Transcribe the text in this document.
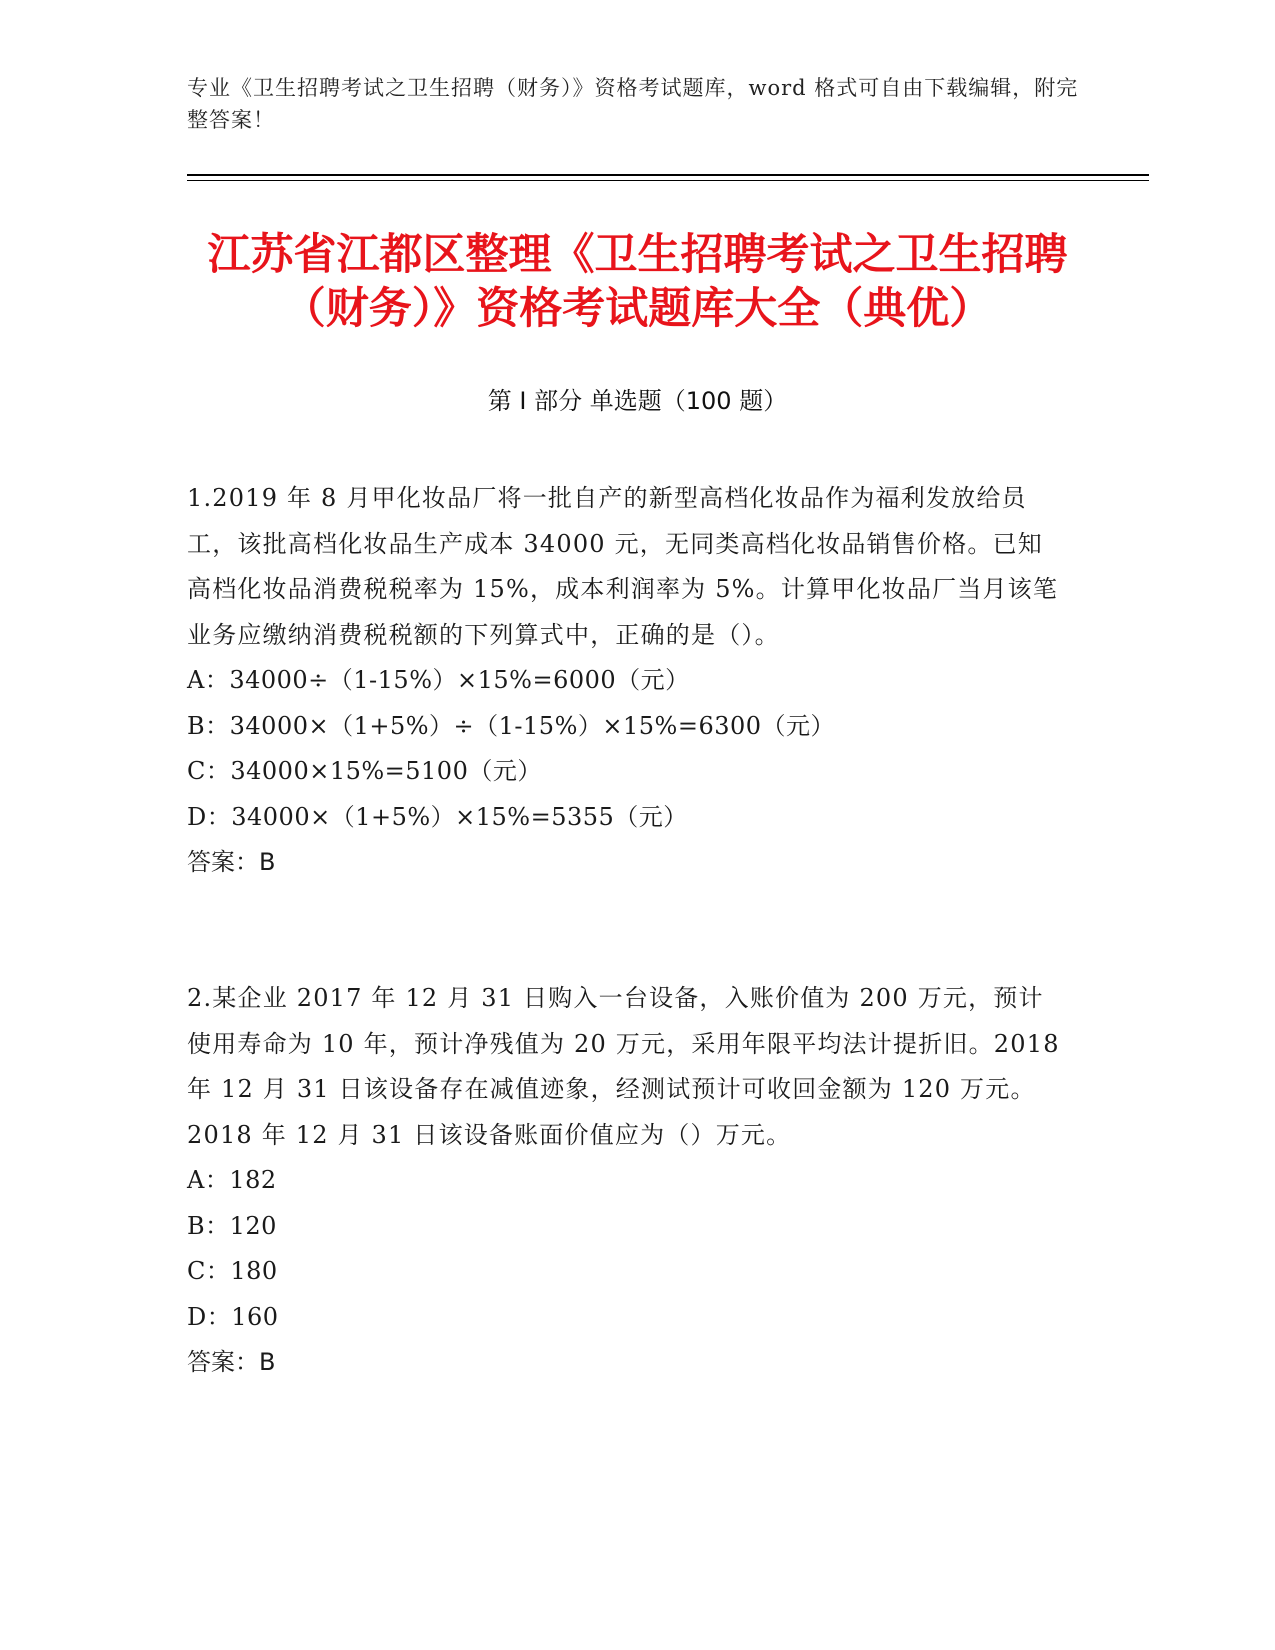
专业《卫生招聘考试之卫生招聘（财务）》资格考试题库，word 格式可自由下载编辑，附完整答案！
江苏省江都区整理《卫生招聘考试之卫生招聘（财务）》资格考试题库大全（典优）
第 I 部分 单选题（100 题）

1.2019 年 8 月甲化妆品厂将一批自产的新型高档化妆品作为福利发放给员工，该批高档化妆品生产成本 34000 元，无同类高档化妆品销售价格。已知高档化妆品消费税税率为 15%，成本利润率为 5%。计算甲化妆品厂当月该笔业务应缴纳消费税税额的下列算式中，正确的是（）。

A：34000÷（1-15%）×15%=6000（元）

B：34000×（1+5%）÷（1-15%）×15%=6300（元）

C：34000×15%=5100（元）

D：34000×（1+5%）×15%=5355（元）

答案：B

2.某企业 2017 年 12 月 31 日购入一台设备，入账价值为 200 万元，预计使用寿命为 10 年，预计净残值为 20 万元，采用年限平均法计提折旧。2018 年 12 月 31 日该设备存在减值迹象，经测试预计可收回金额为 120 万元。2018 年 12 月 31 日该设备账面价值应为（）万元。

A：182

B：120

C：180

D：160

答案：B
